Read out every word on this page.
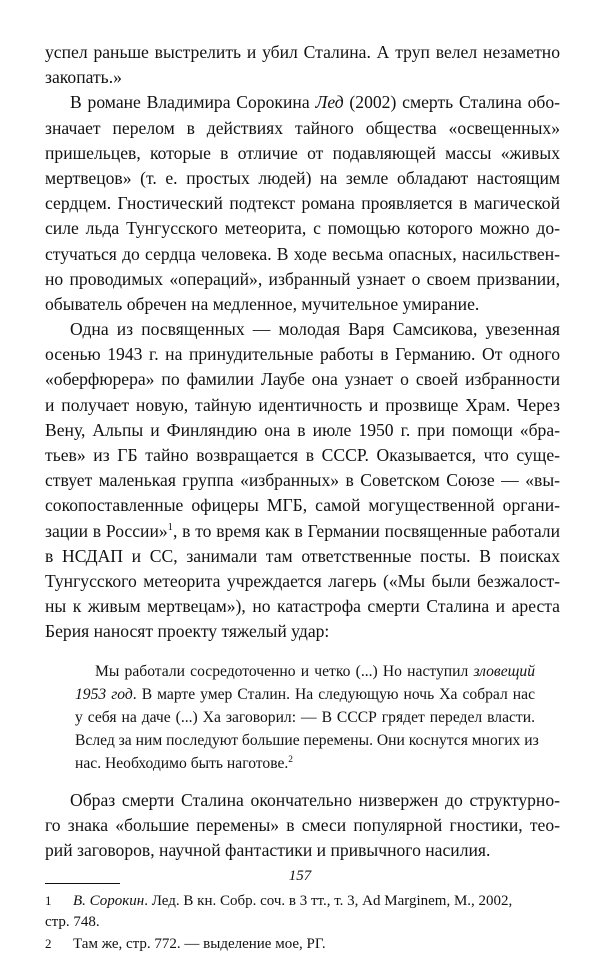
успел раньше выстрелить и убил Сталина. А труп велел незаметно
закопать.»
В романе Владимира Сорокина Лед (2002) смерть Сталина обо-
значает перелом в действиях тайного общества «освещенных»
пришельцев, которые в отличие от подавляющей массы «живых
мертвецов» (т. е. простых людей) на земле обладают настоящим
сердцем. Гностический подтекст романа проявляется в магической
силе льда Тунгусского метеорита, с помощью которого можно до-
стучаться до сердца человека. В ходе весьма опасных, насильствен-
но проводимых «операций», избранный узнает о своем призвании,
обыватель обречен на медленное, мучительное умирание.
Одна из посвященных — молодая Варя Самсикова, увезенная
осенью 1943 г. на принудительные работы в Германию. От одного
«оберфюрера» по фамилии Лаубе она узнает о своей избранности
и получает новую, тайную идентичность и прозвище Храм. Через
Вену, Альпы и Финляндию она в июле 1950 г. при помощи «бра-
тьев» из ГБ тайно возвращается в СССР. Оказывается, что суще-
ствует маленькая группа «избранных» в Советском Союзе — «вы-
сокопоставленные офицеры МГБ, самой могущественной органи-
зации в России»$^1$, в то время как в Германии посвященные работали
в НСДАП и СС, занимали там ответственные посты. В поисках
Тунгусского метеорита учреждается лагерь («Мы были безжалост-
ны к живым мертвецам»), но катастрофа смерти Сталина и ареста
Берия наносят проекту тяжелый удар:
Мы работали сосредоточенно и четко (...) Но наступил зловещий
1953 год. В марте умер Сталин. На следующую ночь Ха собрал нас
у себя на даче (...) Ха заговорил: — В СССР грядет передел власти.
Вслед за ним последуют большие перемены. Они коснутся многих из
нас. Необходимо быть наготове.$^2$
Образ смерти Сталина окончательно низвержен до структурно-
го знака «большие перемены» в смеси популярной гностики, тео-
рий заговоров, научной фантастики и привычного насилия.
1 В. Сорокин. Лед. В кн. Собр. соч. в 3 тт., т. 3, Ad Marginem, М., 2002,
стр. 748.
2 Там же, стр. 772. — выделение мое, РГ.
157
